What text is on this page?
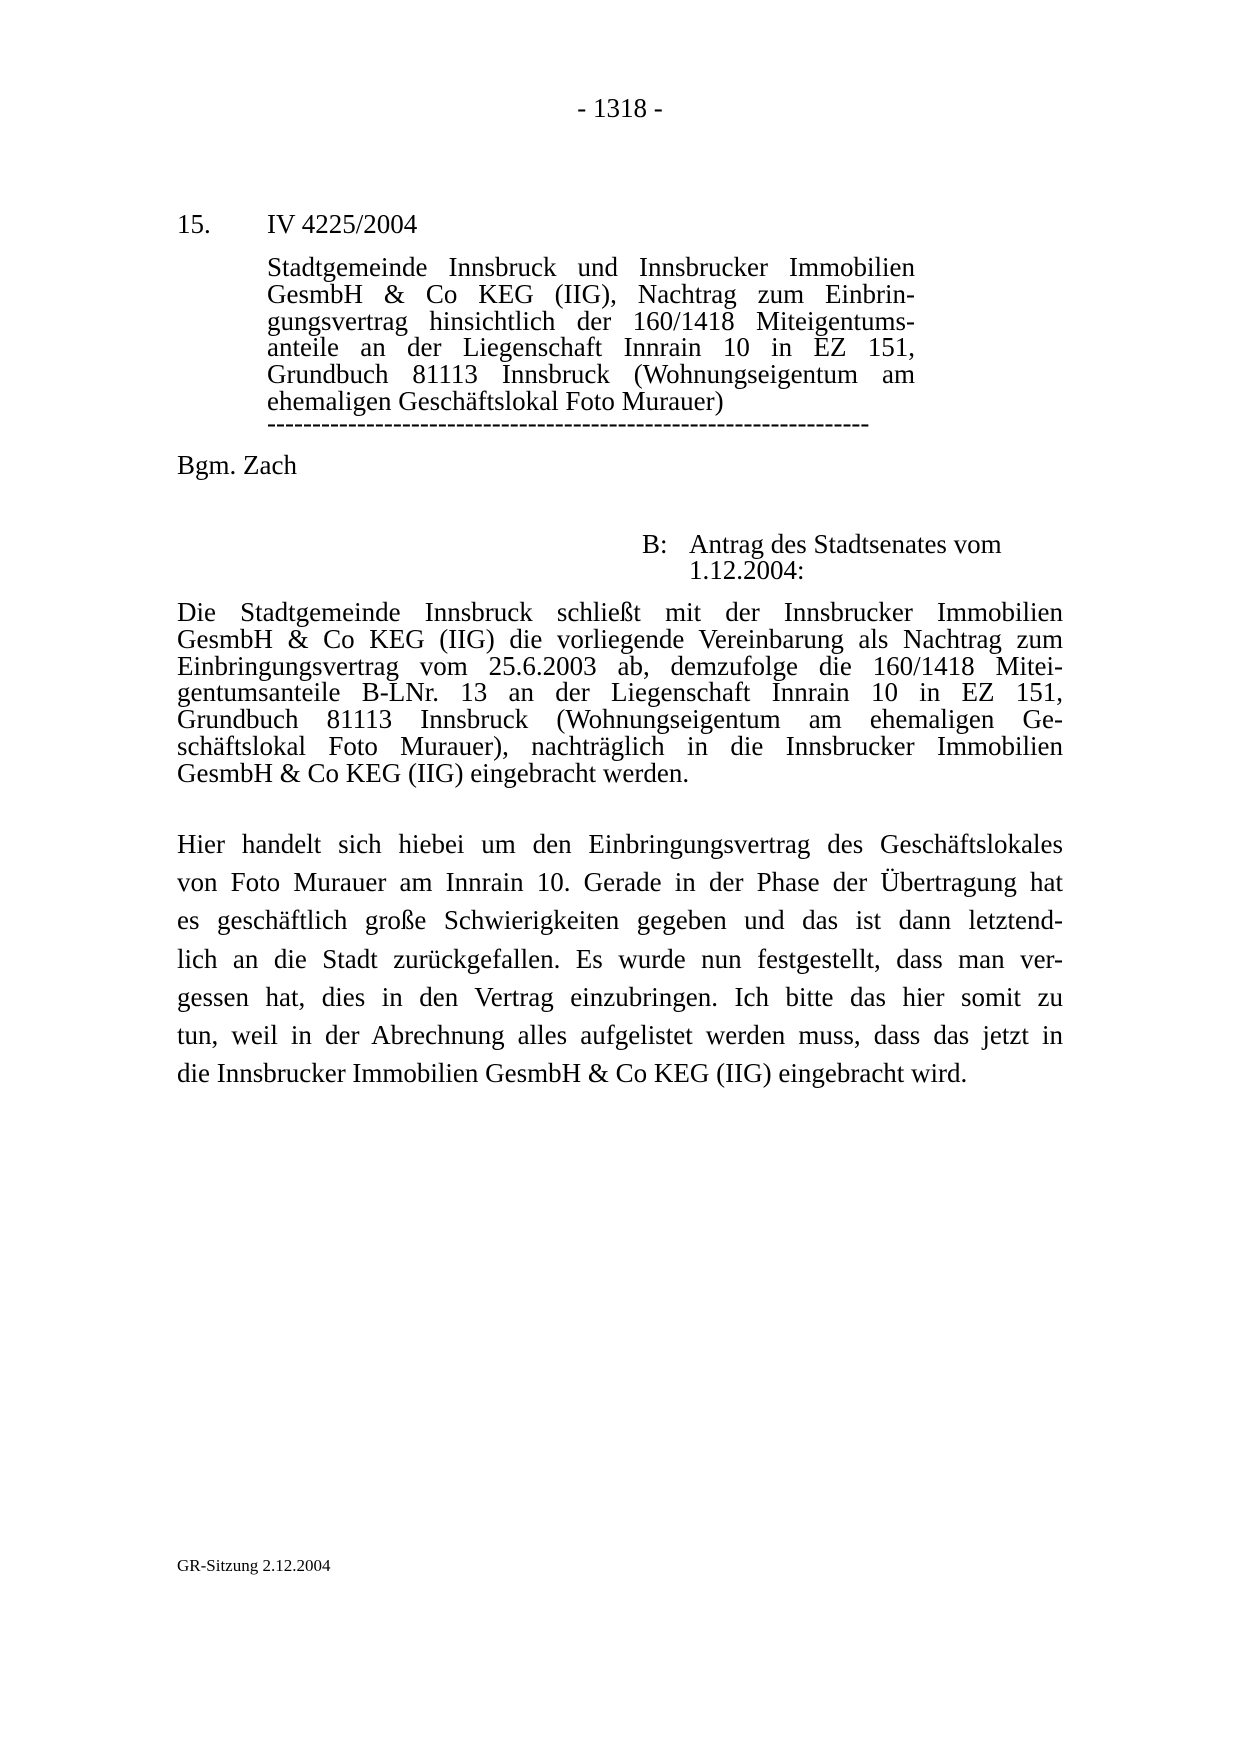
- 1318 -
15. IV 4225/2004
Stadtgemeinde Innsbruck und Innsbrucker Immobilien
GesmbH & Co KEG (IIG), Nachtrag zum Einbrin-
gungsvertrag hinsichtlich der 160/1418 Miteigentums-
anteile an der Liegenschaft Innrain 10 in EZ 151,
Grundbuch 81113 Innsbruck (Wohnungseigentum am
ehemaligen Geschäftslokal Foto Murauer)
-------------------------------------------------------------------
Bgm. Zach
B: Antrag des Stadtsenates vom
1.12.2004:
Die Stadtgemeinde Innsbruck schließt mit der Innsbrucker Immobilien
GesmbH & Co KEG (IIG) die vorliegende Vereinbarung als Nachtrag zum
Einbringungsvertrag vom 25.6.2003 ab, demzufolge die 160/1418 Mitei-
gentumsanteile B-LNr. 13 an der Liegenschaft Innrain 10 in EZ 151,
Grundbuch 81113 Innsbruck (Wohnungseigentum am ehemaligen Ge-
schäftslokal Foto Murauer), nachträglich in die Innsbrucker Immobilien
GesmbH & Co KEG (IIG) eingebracht werden.
Hier handelt sich hiebei um den Einbringungsvertrag des Geschäftslokales
von Foto Murauer am Innrain 10. Gerade in der Phase der Übertragung hat
es geschäftlich große Schwierigkeiten gegeben und das ist dann letztend-
lich an die Stadt zurückgefallen. Es wurde nun festgestellt, dass man ver-
gessen hat, dies in den Vertrag einzubringen. Ich bitte das hier somit zu
tun, weil in der Abrechnung alles aufgelistet werden muss, dass das jetzt in
die Innsbrucker Immobilien GesmbH & Co KEG (IIG) eingebracht wird.
GR-Sitzung 2.12.2004
